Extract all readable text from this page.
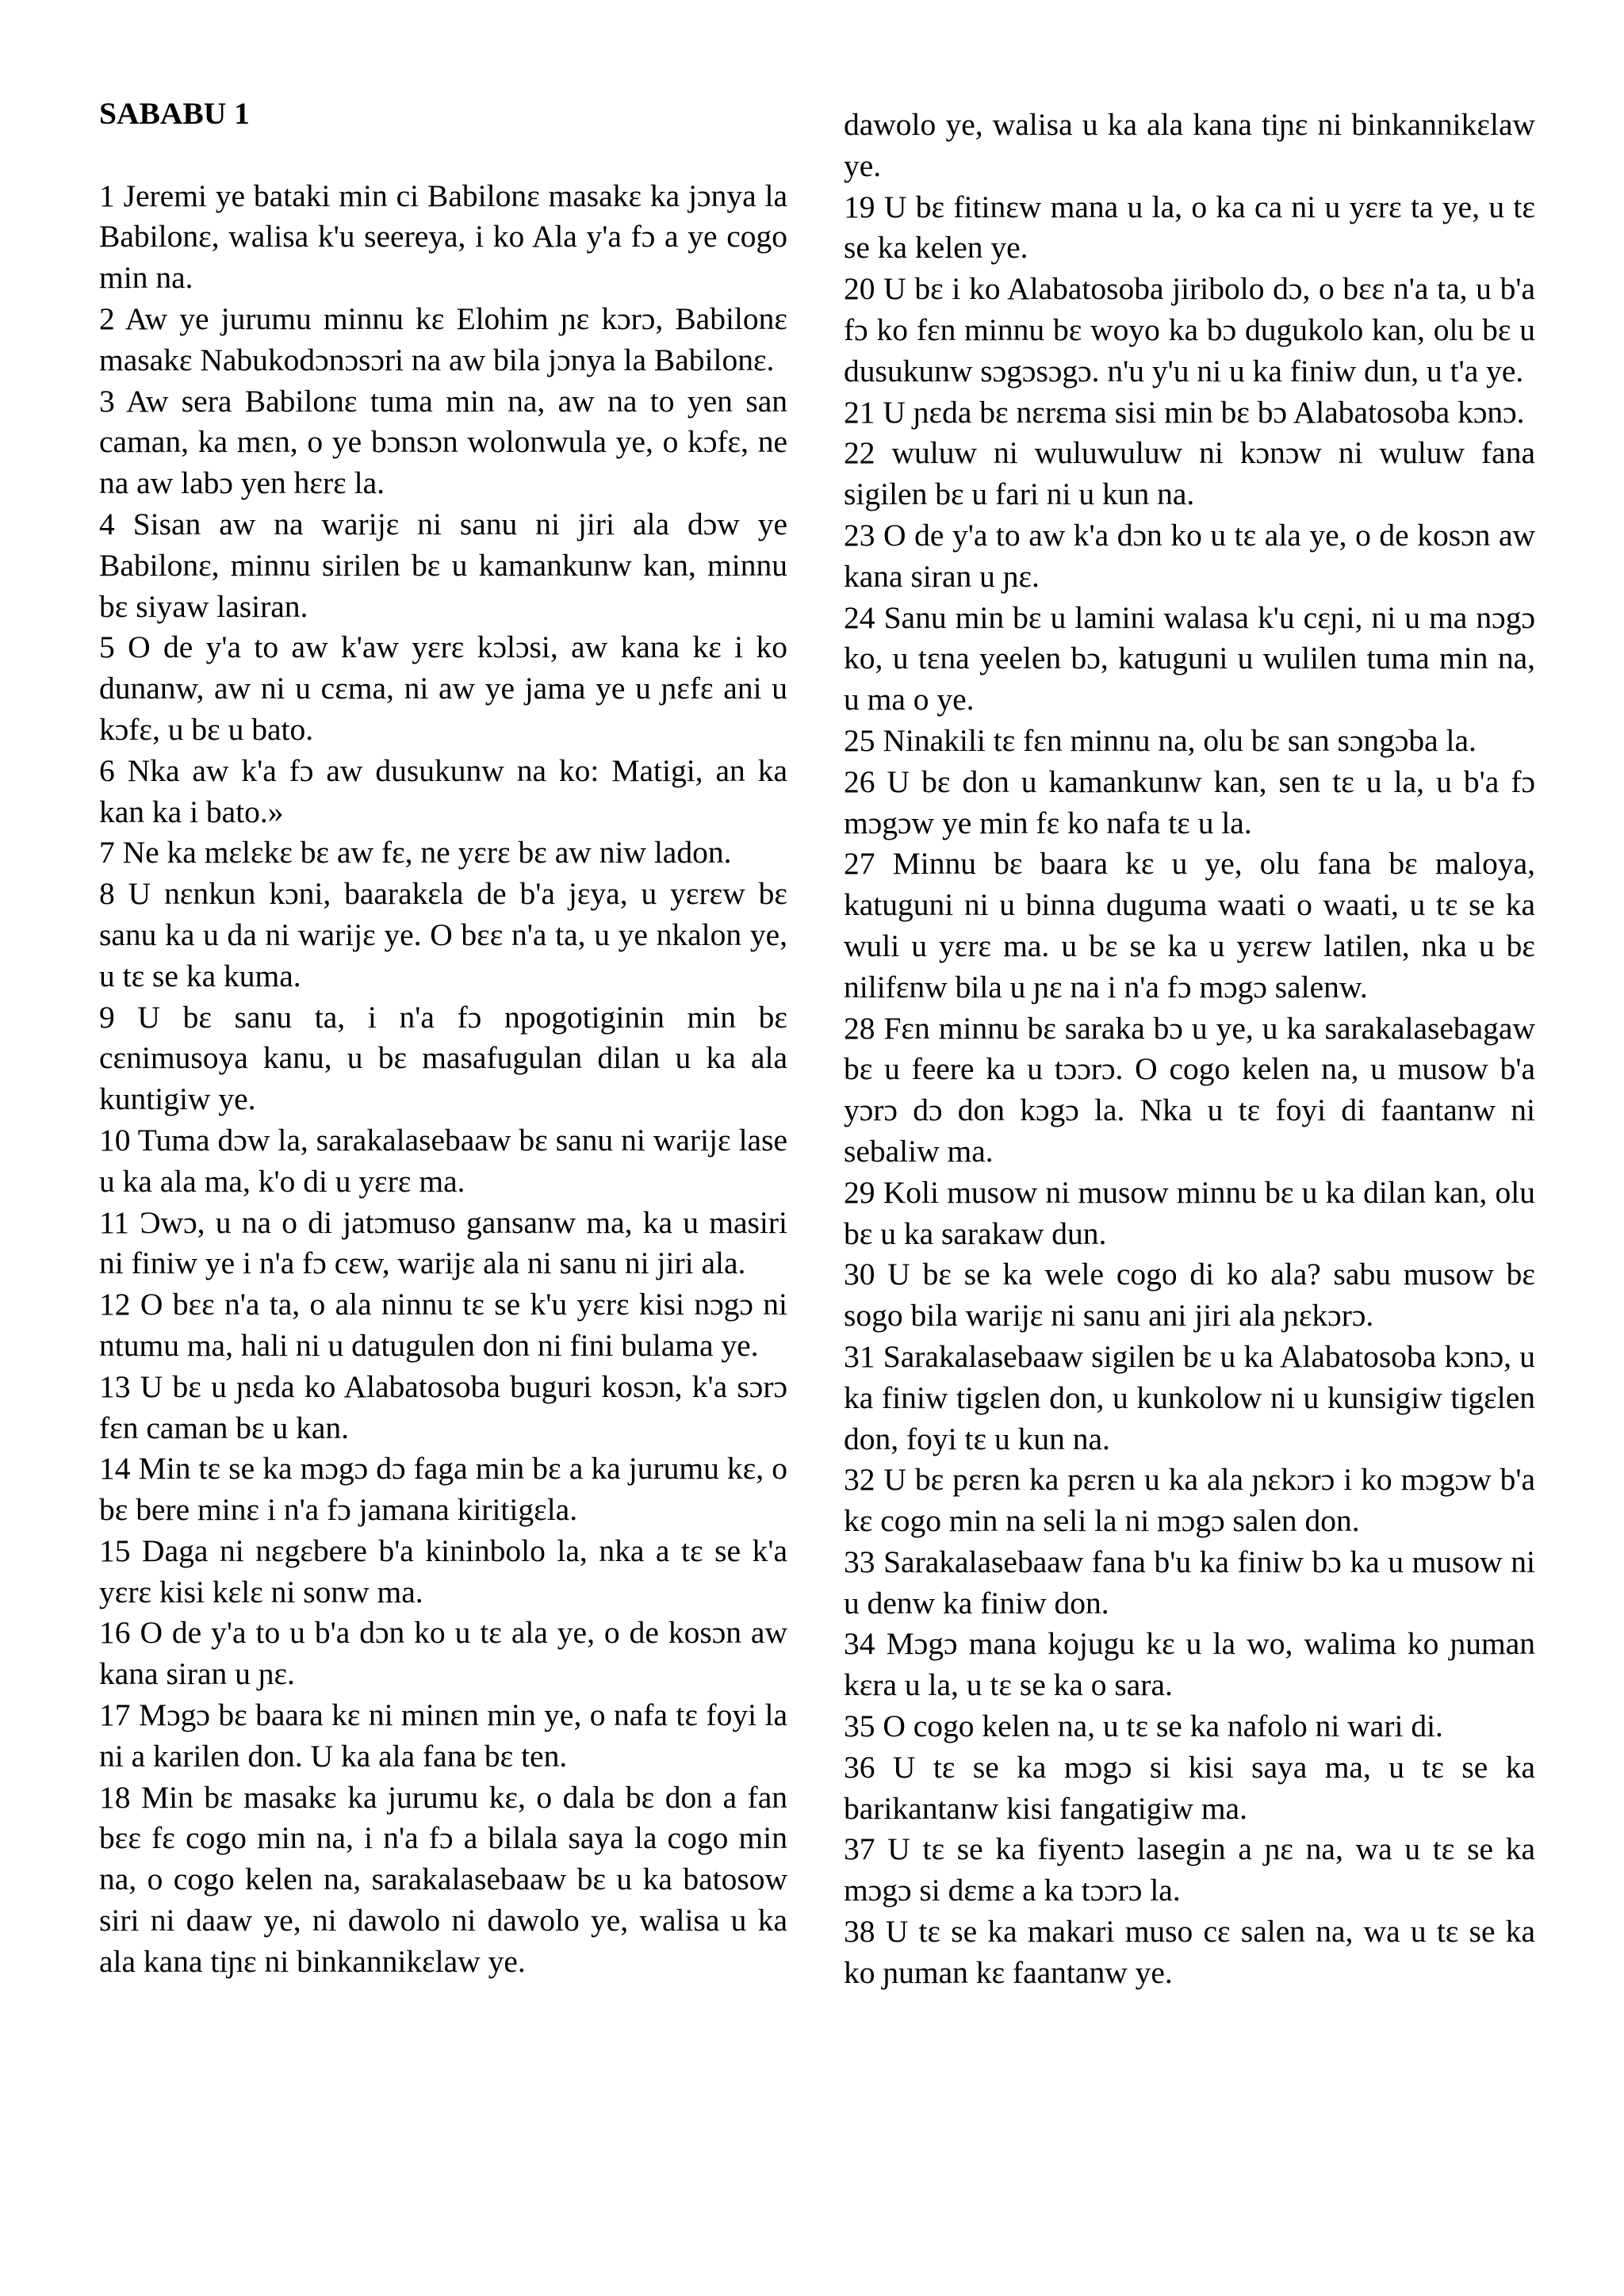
SABABU 1

1 Jeremi ye bataki min ci Babilonɛ masakɛ ka jɔnya la Babilonɛ, walisa k'u seereya, i ko Ala y'a fɔ a ye cogo min na.

2 Aw ye jurumu minnu kɛ Elohim ɲɛ kɔrɔ, Babilonɛ masakɛ Nabukodɔnɔsɔri na aw bila jɔnya la Babilonɛ.

3 Aw sera Babilonɛ tuma min na, aw na to yen san caman, ka mɛn, o ye bɔnsɔn wolonwula ye, o kɔfɛ, ne na aw labɔ yen hɛrɛ la.

4 Sisan aw na warijɛ ni sanu ni jiri ala dɔw ye Babilonɛ, minnu sirilen bɛ u kamankunw kan, minnu bɛ siyaw lasiran.

5 O de y'a to aw k'aw yɛrɛ kɔlɔsi, aw kana kɛ i ko dunanw, aw ni u cɛma, ni aw ye jama ye u ɲɛfɛ ani u kɔfɛ, u bɛ u bato.

6 Nka aw k'a fɔ aw dusukunw na ko: Matigi, an ka kan ka i bato.»

7 Ne ka mɛlɛkɛ bɛ aw fɛ, ne yɛrɛ bɛ aw niw ladon.

8 U nɛnkun kɔni, baarakɛla de b'a jɛya, u yɛrɛw bɛ sanu ka u da ni warijɛ ye. O bɛɛ n'a ta, u ye nkalon ye, u tɛ se ka kuma.

9 U bɛ sanu ta, i n'a fɔ npogotiginin min bɛ cɛnimusoya kanu, u bɛ masafugulan dilan u ka ala kuntigiw ye.

10 Tuma dɔw la, sarakalasebaaw bɛ sanu ni warijɛ lase u ka ala ma, k'o di u yɛrɛ ma.

11 Ɔwɔ, u na o di jatɔmuso gansanw ma, ka u masiri ni finiw ye i n'a fɔ cɛw, warijɛ ala ni sanu ni jiri ala.

12 O bɛɛ n'a ta, o ala ninnu tɛ se k'u yɛrɛ kisi nɔgɔ ni ntumu ma, hali ni u datugulen don ni fini bulama ye.

13 U bɛ u ɲɛda ko Alabatosoba buguri kosɔn, k'a sɔrɔ fɛn caman bɛ u kan.

14 Min tɛ se ka mɔgɔ dɔ faga min bɛ a ka jurumu kɛ, o bɛ bere minɛ i n'a fɔ jamana kiritigɛla.

15 Daga ni nɛgɛbere b'a kininbolo la, nka a tɛ se k'a yɛrɛ kisi kɛlɛ ni sonw ma.

16 O de y'a to u b'a dɔn ko u tɛ ala ye, o de kosɔn aw kana siran u ɲɛ.

17 Mɔgɔ bɛ baara kɛ ni minɛn min ye, o nafa tɛ foyi la ni a karilen don. U ka ala fana bɛ ten.

18 Min bɛ masakɛ ka jurumu kɛ, o dala bɛ don a fan bɛɛ fɛ cogo min na, i n'a fɔ a bilala saya la cogo min na, o cogo kelen na, sarakalasebaaw bɛ u ka batosow siri ni daaw ye, ni dawolo ni dawolo ye, walisa u ka ala kana tiɲɛ ni binkannikɛlaw ye.

dawolo ye, walisa u ka ala kana tiɲɛ ni binkannikɛlaw ye.

19 U bɛ fitinɛw mana u la, o ka ca ni u yɛrɛ ta ye, u tɛ se ka kelen ye.

20 U bɛ i ko Alabatosoba jiribolo dɔ, o bɛɛ n'a ta, u b'a fɔ ko fɛn minnu bɛ woyo ka bɔ dugukolo kan, olu bɛ u dusukunw sɔgɔsɔgɔ. n'u y'u ni u ka finiw dun, u t'a ye.

21 U ɲɛda bɛ nɛrɛma sisi min bɛ bɔ Alabatosoba kɔnɔ.

22 wuluw ni wuluwuluw ni kɔnɔw ni wuluw fana sigilen bɛ u fari ni u kun na.

23 O de y'a to aw k'a dɔn ko u tɛ ala ye, o de kosɔn aw kana siran u ɲɛ.

24 Sanu min bɛ u lamini walasa k'u cɛɲi, ni u ma nɔgɔ ko, u tɛna yeelen bɔ, katuguni u wulilen tuma min na, u ma o ye.

25 Ninakili tɛ fɛn minnu na, olu bɛ san sɔngɔba la.

26 U bɛ don u kamankunw kan, sen tɛ u la, u b'a fɔ mɔgɔw ye min fɛ ko nafa tɛ u la.

27 Minnu bɛ baara kɛ u ye, olu fana bɛ maloya, katuguni ni u binna duguma waati o waati, u tɛ se ka wuli u yɛrɛ ma. u bɛ se ka u yɛrɛw latilen, nka u bɛ nilifɛnw bila u ɲɛ na i n'a fɔ mɔgɔ salenw.

28 Fɛn minnu bɛ saraka bɔ u ye, u ka sarakalasebagaw bɛ u feere ka u tɔɔrɔ. O cogo kelen na, u musow b'a yɔrɔ dɔ don kɔgɔ la. Nka u tɛ foyi di faantanw ni sebaliw ma.

29 Koli musow ni musow minnu bɛ u ka dilan kan, olu bɛ u ka sarakaw dun.

30 U bɛ se ka wele cogo di ko ala? sabu musow bɛ sogo bila warijɛ ni sanu ani jiri ala ɲɛkɔrɔ.

31 Sarakalasebaaw sigilen bɛ u ka Alabatosoba kɔnɔ, u ka finiw tigɛlen don, u kunkolow ni u kunsigiw tigɛlen don, foyi tɛ u kun na.

32 U bɛ pɛrɛn ka pɛrɛn u ka ala ɲɛkɔrɔ i ko mɔgɔw b'a kɛ cogo min na seli la ni mɔgɔ salen don.

33 Sarakalasebaaw fana b'u ka finiw bɔ ka u musow ni u denw ka finiw don.

34 Mɔgɔ mana kojugu kɛ u la wo, walima ko ɲuman kɛra u la, u tɛ se ka o sara.

35 O cogo kelen na, u tɛ se ka nafolo ni wari di.

36 U tɛ se ka mɔgɔ si kisi saya ma, u tɛ se ka barikantanw kisi fangatigiw ma.

37 U tɛ se ka fiyentɔ lasegin a ɲɛ na, wa u tɛ se ka mɔgɔ si dɛmɛ a ka tɔɔrɔ la.

38 U tɛ se ka makari muso cɛ salen na, wa u tɛ se ka ko ɲuman kɛ faantanw ye.
